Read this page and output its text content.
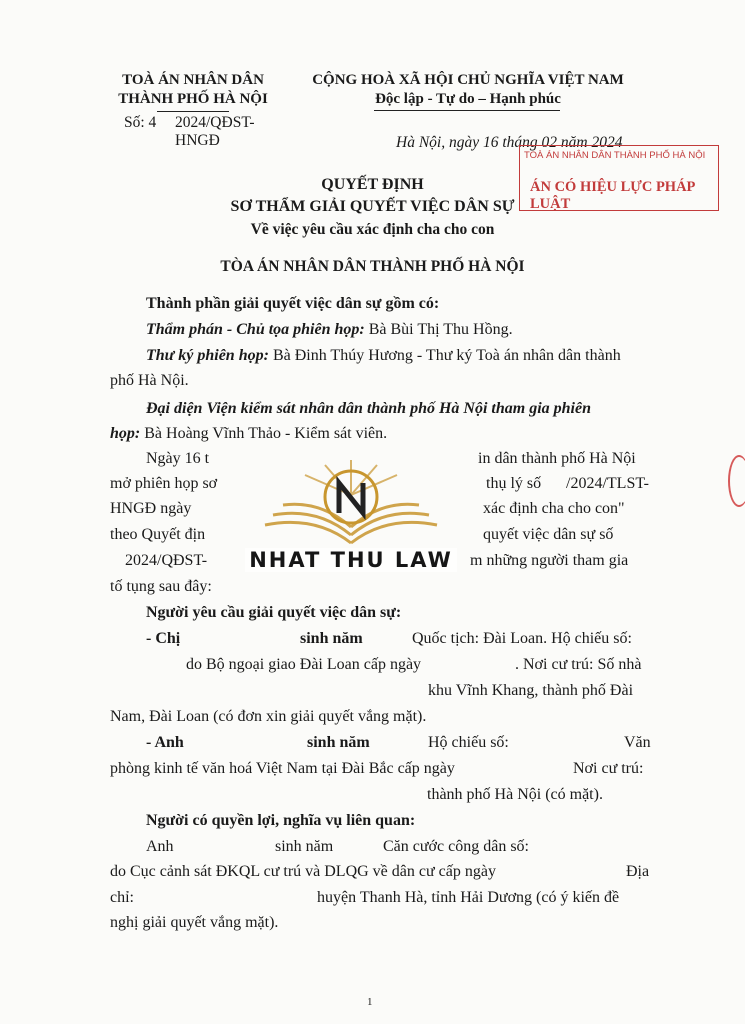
TOÀ ÁN NHÂN DÂN
THÀNH PHỐ HÀ NỘI
Số: 4 2024/QĐST-
HNGĐ
CỘNG HOÀ XÃ HỘI CHỦ NGHĨA VIỆT NAM
Độc lập - Tự do – Hạnh phúc
Hà Nội, ngày 16 tháng 02 năm 2024
TOÀ ÁN NHÂN DÂN THÀNH PHỐ HÀ NỘI
ÁN CÓ HIỆU LỰC PHÁP LUẬT
QUYẾT ĐỊNH
SƠ THẨM GIẢI QUYẾT VIỆC DÂN SỰ
Về việc yêu cầu xác định cha cho con
TÒA ÁN NHÂN DÂN THÀNH PHỐ HÀ NỘI
Thành phần giải quyết việc dân sự gồm có:
Thẩm phán - Chủ tọa phiên họp: Bà Bùi Thị Thu Hồng.
Thư ký phiên họp: Bà Đinh Thúy Hương - Thư ký Toà án nhân dân thành
phố Hà Nội.
Đại diện Viện kiểm sát nhân dân thành phố Hà Nội tham gia phiên
họp: Bà Hoàng Vĩnh Thảo - Kiểm sát viên.
Ngày 16 t	in dân thành phố Hà Nội
mở phiên họp sơ	thụ lý số /2024/TLST-
HNGĐ ngày	xác định cha cho con"
theo Quyết địn	quyết việc dân sự số
2024/QĐST-	m những người tham gia
tố tụng sau đây:
NHAT THU LAW
Người yêu cầu giải quyết việc dân sự:
- Chị	sinh năm	Quốc tịch: Đài Loan. Hộ chiếu số:
do Bộ ngoại giao Đài Loan cấp ngày	. Nơi cư trú: Số nhà
khu Vĩnh Khang, thành phố Đài
Nam, Đài Loan (có đơn xin giải quyết vắng mặt).
- Anh	sinh năm	Hộ chiếu số:	Văn
phòng kinh tế văn hoá Việt Nam tại Đài Bắc cấp ngày	Nơi cư trú:
thành phố Hà Nội (có mặt).
Người có quyền lợi, nghĩa vụ liên quan:
Anh	sinh năm	Căn cước công dân số:
do Cục cảnh sát ĐKQL cư trú và DLQG về dân cư cấp ngày	Địa
chỉ:	huyện Thanh Hà, tỉnh Hải Dương (có ý kiến đề
nghị giải quyết vắng mặt).
1
